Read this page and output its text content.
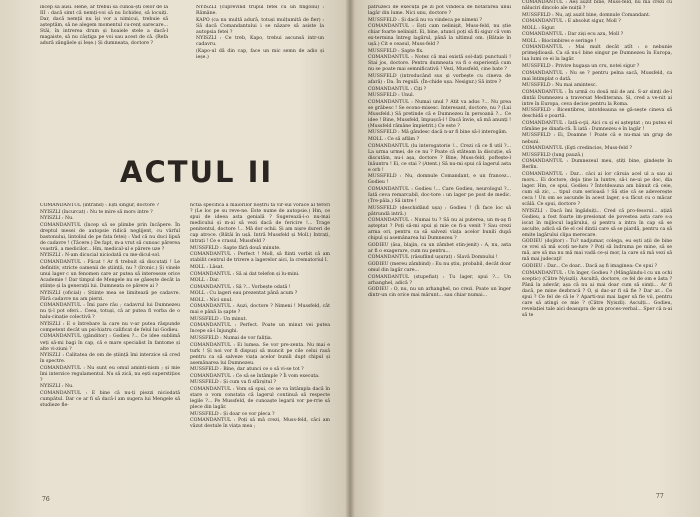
încep să ausi. Hehe, ar trebui să cunoa-ști celor de la III : dacă simt că nemți-voi să nu lichidez, să locuiți. Dar, dacă nemții nu își vor a nimicui, trebuie să așteptăm, să ne alegem momentul cu-renț oarecare... Stăi, în intrerea drum și hoaiele stele a dacă-l magaiste, să nu câștiga pe voi sau acest de câ. (Refa adură zăngăele și Ieșe.) Și dumneata, doctore ?

NYISZLI (cuprevind trupul fetei cu un fingoliu) : Rămâne.

KAPO (ca nu multă adură, totuși mulțumită de fier) : Să dacă Comandantului i se năzare să asiste la autopsia fetei ?

NYISZLI : Ce treb, Kapo, trebui ascunsă intr-un cadavru.

(Kapo-ul dă din cap, face un mic semn de adio și ieșe.)

ACTUL II

COMANDANTUL (intrând) : Ești singur, doctore ?

NYISZLI (încurcat) : Nu te mire să mors intre ?

NYISZLI : Nu.

COMANDANTUL (încep să se plimbe prin încăpere. În dreptul mesei de autopsie ridică neglijent, cu vârful bastonului, lintoliul de pe fata fetei) : Vad că nu duci lipsă de cadavre ! (Tăcere.) De fapt, m-a vrut să cunoac părerea voastră, a medicilor... Hm, medical-ul e părere uze ?

NYISZLI : N-am dicucial niciodată cu me-dicul-sol.

COMANDANTUL : Păcat ! Ar fi trebuit să discutați ! Le definitiv, stricte oamenii de știință, nu ? (Ironic.) Și vinele unui lager c un fenomen care ar putea să intereseze orice Academie ! Dar timpul de Mengele nu se găsește decât la științe și la generații lui. Dumneata ce părere ai ?

NYISZLI (oficial) : Științe mea se limitează pe cadavre. Fără cadavre nu am pierzi.

COMANDANTUL : Îmi pare rău ; cadavrul lui Dumnezeu nu ți-l pot oferi... Ceea, totuși, că ar putea fi vorba de o halu-cinație colectivă ?

NYISZLI : E o întrebare la care nu v-ar putea răspunde competent decât un psi-hiatru calificat de felul lui Godieu.

COMANDANTUL (gânditor) : Godieu ?... Ce idee sublimă veți să-mi bagi în cap, că e mare specialist în fantome și alte vi-ziuni ?

NYISZLI : Calitatea de om de știință îmi interzice să cred în spectre.

COMANDANTUL : Nu sunt eu omul aminti-nism ; și mie îmi interzice regulamentul. Nu să zică, nu ești superstițios ?

NYISZLI : Nu.

COMANDANTUL : E bine că nu-ți piezzi niciodată cumpătul. Dar ce ar fi să dacă-l am sugera lui Mengele să studieze fle-

nctia specifică a maiorilor noștrii ta vir-sul vorace al terori ? (Le loc pe su reve-ne. Este nume de autopsie.) Hm, ce spui de ideea asta genială ? Sugerează-i-o nu-mai medicului și m-ai să vezi dacă de fericire !... Trage penitentul, doctore !... Mă dor ochii. Și am nișre dureri de cap atroce. (Bătăi în ușă. Intră Mussfeld și Moll.) Intrați, intrați ! Ce e crasul, Mussfeld ?

MUSSFELD : Sapte fără două minute.

COMANDANTUL : Perfect ! Moll, să fiinti vorbit că am stabilit centrul de trirere a lagerelor aici, la crematoriul I.

MOLL : Lăsat.

COMANDANTUL : Să ai dat telefon și lu-mini.

MOLL : Dar.

COMANDANTUL : Să ?... Vorbește odată !

MOLL : Cu lageri eau prezentat până acum ?

MOLL : Nici unul.

COMANDANTUL : Auzi, doctore ? Nimeni ! Mussfeld, cât mai e până la șapte ?

MUSSFELD : Un minut.

COMANDANTUL : Perfect. Poate un minut vei putea începe să-i înjunghi.

MUSSFELD : Numai de vor faliția.

COMANDANTUL : Ei lumea. Se vor pre-zenta. Nu mai e turk ! Și noi vor fi dispuși să muncit pe cile celui rasă pentru ca să salveze viața acelor bunili dupt chipul și asemănarea lui Dumnezeu.

MUSSFELD : Bine, dar atunci ce o să vi-se tot ?

COMANDANTUL : Ce să se întâmple ? Îi vom executa.

MUSSFELD : Și cum va fi sfârșitul ?

COMANDANTUL : Vom să spui, ce se va întâmpla dacă în stare o vom constata că lagerul continuă să respecte legile ?... Pe Mussfeld, de cunoaște legarii vor pe-rrie să plece din lagăr.

MUSSFELD : Și doar ce vor pleca ?

COMANDANTUL : Poți să mă crezi, Muss-feld, căci am văzut destule în viața mea ;

76

patruzeci de execuții pe zi pot vindeca de hotărârea unui lagăr din lume. Nici unu, doctore ?

MUSSFELD : Și dacă nu va vindeca pe nimeni ?

COMANDANTUL : Ești cam nelinișit, Muss-feld, nu știe chiar foarte nelinișit. Ei, bine, atunci poți să fii sigur că vom ex-termina întreg lagărul, până la ultimul om. (Bătaie în ușă.) Cit e ceasul, Muss-feld ?

MUSSFELD : Șapte fix.

COMANDANTUL : Notez că mai există sol-dați punctuali ! Stai jos, doctore. Pentru dumneata va fi o experiență cum nu se poate mai semnificativă ! Vezi, Mussfeld, cine bate ?

MUSSFELD (introducând sus și vorbește cu cineva de afară) : Da. În regulă. (În-chide ușa. Nesigur.) Să intre ?

COMANDANTUL : Ciți ?

MUSSFELD : Unul.

COMANDANTUL : Numai unul ? Atit va adus ?... Nu prea se grăbesc ! Se econo-misesc. Interesant, doctore, nu ? (Lui Mussfeld.) Să pretinde că e Dumnezeu în persoană ?... Ce idee ! Bine, Mussfeld, împușcă-l ! Dacă învie, să mă anunți ! (Mussfeld rămâne împietrit.) Ce este ?

MUSSFELD : Mă gândesc dacă n-ar fi bine să-l interogăm.

MOLL : Ce să aflăm ?

COMANDANTUL (lu interogatorie !... Crezi că ce fi util ?... La urma urmei, de ce nu ? Poate că stăteam la discuție, să discutăm, nu-i așa, doctore ? Bine, Muss-feld, poftește-l înăuntru ! Ei, ce stai ? (Atent.) Să nu-mi spui că lagerul asta e orb !

MUSSFELD : Nu, domnule Comandant, e un francez... Godieu !

COMANDANTUL : Godieu !... Care Godieu, neurologul ?... Iată ceva remarcabil, doc-tore : un lager pe post de medic. (Tre-pâla.) Să intre !

MUSSFELD (deschidând ușa) : Godieu ! (Îi face loc să pătrundă intră.)

COMANDANTUL : Numai tu ? Să nu ai puterea, un m-aș fi așteptat ? Poți să-mi spui și mie ce fi-a venit ? Sau crezi arma ori, pentru ca să salvezi viața acelor bunili după chipul și asemănarea lui Dumnezeu ?

GODIEU (ăsa, blajin, cu un zâmbet stin-jenit) : A, nu, asta ar fi o exagerare, cum nu pentru...

COMANDANTUL (răsuflind ușurat) : Slavă Domnului !

GODIEU (mereu zâmbind) : Eu nu știu, probabil, decât doar omul din lagăr care...

COMANDANTUL (stupefiat) : Tu lager, spui ?... Un arhanghel, adică ?

GODIEU : O, nu, nu un arhanghel, no crezi. Poate un înger dintr-un cin orice mai mărunt... sau chiar numai...

COMANDANTUL : Aeș auzit bine, Muss-feld, nu mă crezi cu năluciri dincolo ale nuiții ?

MUSSFELD : Nu, aţi auzit bine, domnule Comandant.

COMANDANTUL : E absolut sigur, Moll ?

MOLL : Sigur.

COMANDANTUL : Dar ziși ecu azu, Moll ?

MOLL : Biocimbires e seringe !

COMANDANTUL : Mai mult decât atît : o nebunie primejdioasă. Ca să nu-l bine singur pe Dumnezeu în Europa, lua lumi ce ei la lagăr.

MUSSFELD : Privire hugașa un cru, notei sigur ?

COMANDANTUL : Nu se ? pentru pelna sacă, Mussfeld, ca mai întimplat o dată.

MUSSFELD : Nu mai amintesc.

COMANDANTUL : În urmă cu două mii de ani. S-ar simți de-l dintâi Dumnezeu a traversat Mediterana. Și, cred a ve-nit ai intre în Europa, ceva decise pentru la Roma.

MUSSFELD : Bicentibres, intotdeauna se gă-sește cineva să deschidă o poartă.

COMANDANTUL : Iată-o-ţii, Aici cu și ei așteptat ; nu putea el rămâne pe dinafa-ră. Îi iată : Dumnezeu e în lagăr !

MUSSFELD : Ei, Doamne ! Poate că e nu-mai un grup de nebuni.

COMANDANTUL (Eşti credincios, Muss-feld ?

MUSSFELD (lung pauză.)

COMANDANTUL : Dumnezeul meu, știți bine, gindește în Berlin.

COMANDANTUL : Dar... căci ai lor căruia acel ul a sau ai mors... Ei doctore, deja ține la luntre, să-i ne-ui pe doc, dia lager. Hm, ce spui, Godieu ? Întotdeauna am bănuit că ceie, cum să zic, ... tipul cum serioasă ! Să stie că se adeverește ceca ! Un om se ascunde în acest lager, s-a făcut cu o măcar scălă. Ce spui, doctore ?

NYISZLI : Dacă îmi îngăduiți... Cred că pro-fesorul... ațiză Godieu, a fost foarte im-presionat de povestea asta care s-a iscat în mijlocul lagărului, și pentru a intra în cap să se asculte, adică să fie el cel dintii care să se piardă, pentru ca să emite lagărului clipa merecare.

GODIEU (dojitor) : Tu? nadjumar, colega, eu ești ații de bine ce vrei să mă scoți ne-lure ? Poți să îndruma pe mine, să se mă, are să ma nu mă mai vadă ce-și mor, la care să mă vezi să mă mai judecaţi!

GODIEU : Dar... Ce doar... Dacă aș fi imaginea: Ce spui ?

COMANDANTUL : Un înger, Godieu ? (Mângâindu-l cu un ochi sceptic) (Către Nyiszli). Ascultă, doctore, ce fel de om e ăsta ? Până la adevăr, așa că nu ai mai doar cum să simți... Ar fi dacă, pe mine dezbracă ? O, și dac-ar fi să fie ? Dar ar... Ce spui ? Ce fel de că le ? Aparti-nui mai lager să fie vii, pentru care să atingi ce mie ? (Către Nyiszli). Asculți... Godieu, revelației tale aici deasupra de un proces-verbal... Sper că n-ai să te

77
